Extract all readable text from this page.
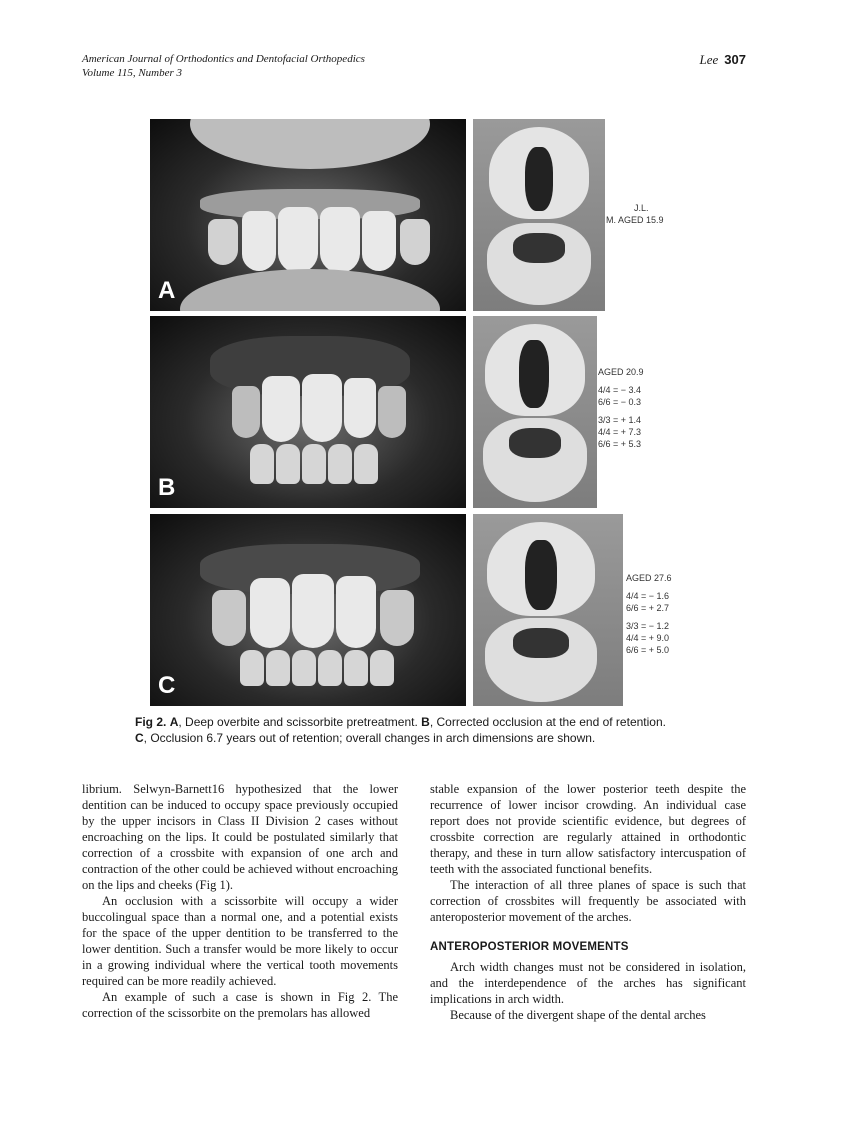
American Journal of Orthodontics and Dentofacial Orthopedics
Volume 115, Number 3
Lee 307
A
J.L.
M. AGED 15.9
B
AGED 20.9
4/4 = − 3.4
6/6 = − 0.3
3/3 = + 1.4
4/4 = + 7.3
6/6 = + 5.3
C
AGED 27.6
4/4 = − 1.6
6/6 = + 2.7
3/3 = − 1.2
4/4 = + 9.0
6/6 = + 5.0
Fig 2. A, Deep overbite and scissorbite pretreatment. B, Corrected occlusion at the end of retention.
C, Occlusion 6.7 years out of retention; overall changes in arch dimensions are shown.

librium. Selwyn-Barnett16 hypothesized that the lower dentition can be induced to occupy space previously occupied by the upper incisors in Class II Division 2 cases without encroaching on the lips. It could be postulated similarly that correction of a crossbite with expansion of one arch and contraction of the other could be achieved without encroaching on the lips and cheeks (Fig 1).

An occlusion with a scissorbite will occupy a wider buccolingual space than a normal one, and a potential exists for the space of the upper dentition to be transferred to the lower dentition. Such a transfer would be more likely to occur in a growing individual where the vertical tooth movements required can be more readily achieved.

An example of such a case is shown in Fig 2. The correction of the scissorbite on the premolars has allowed

stable expansion of the lower posterior teeth despite the recurrence of lower incisor crowding. An individual case report does not provide scientific evidence, but degrees of crossbite correction are regularly attained in orthodontic therapy, and these in turn allow satisfactory intercuspation of teeth with the associated functional benefits.

The interaction of all three planes of space is such that correction of crossbites will frequently be associated with anteroposterior movement of the arches.

ANTEROPOSTERIOR MOVEMENTS

Arch width changes must not be considered in isolation, and the interdependence of the arches has significant implications in arch width.

Because of the divergent shape of the dental arches
